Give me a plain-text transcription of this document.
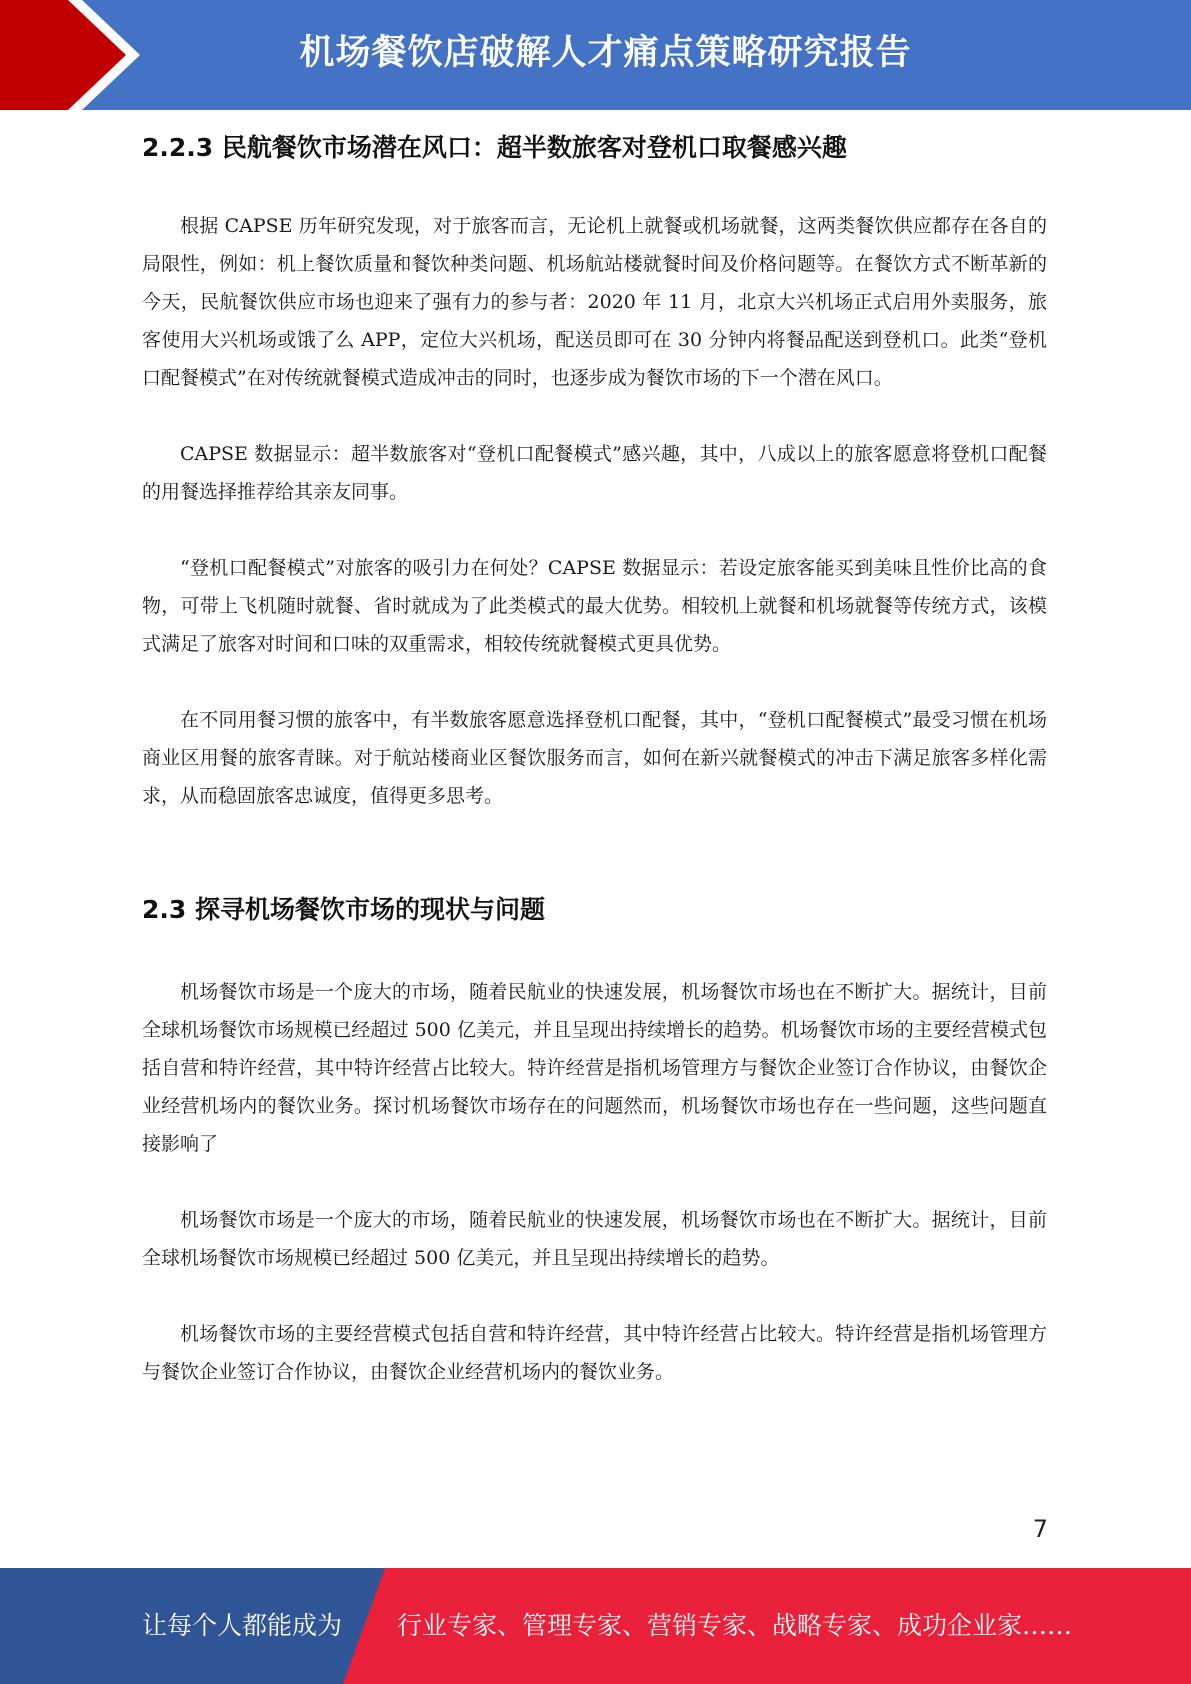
机场餐饮店破解人才痛点策略研究报告
2.2.3 民航餐饮市场潜在风口：超半数旅客对登机口取餐感兴趣

根据 CAPSE 历年研究发现，对于旅客而言，无论机上就餐或机场就餐，这两类餐饮供应都存在各自的局限性，例如：机上餐饮质量和餐饮种类问题、机场航站楼就餐时间及价格问题等。在餐饮方式不断革新的今天，民航餐饮供应市场也迎来了强有力的参与者：2020 年 11 月，北京大兴机场正式启用外卖服务，旅客使用大兴机场或饿了么 APP，定位大兴机场，配送员即可在 30 分钟内将餐品配送到登机口。此类“登机口配餐模式”在对传统就餐模式造成冲击的同时，也逐步成为餐饮市场的下一个潜在风口。

CAPSE 数据显示：超半数旅客对“登机口配餐模式”感兴趣，其中，八成以上的旅客愿意将登机口配餐的用餐选择推荐给其亲友同事。

“登机口配餐模式”对旅客的吸引力在何处？CAPSE 数据显示：若设定旅客能买到美味且性价比高的食物，可带上飞机随时就餐、省时就成为了此类模式的最大优势。相较机上就餐和机场就餐等传统方式，该模式满足了旅客对时间和口味的双重需求，相较传统就餐模式更具优势。

在不同用餐习惯的旅客中，有半数旅客愿意选择登机口配餐，其中，“登机口配餐模式”最受习惯在机场商业区用餐的旅客青睐。对于航站楼商业区餐饮服务而言，如何在新兴就餐模式的冲击下满足旅客多样化需求，从而稳固旅客忠诚度，值得更多思考。

2.3 探寻机场餐饮市场的现状与问题

机场餐饮市场是一个庞大的市场，随着民航业的快速发展，机场餐饮市场也在不断扩大。据统计，目前全球机场餐饮市场规模已经超过 500 亿美元，并且呈现出持续增长的趋势。机场餐饮市场的主要经营模式包括自营和特许经营，其中特许经营占比较大。特许经营是指机场管理方与餐饮企业签订合作协议，由餐饮企业经营机场内的餐饮业务。探讨机场餐饮市场存在的问题然而，机场餐饮市场也存在一些问题，这些问题直接影响了

机场餐饮市场是一个庞大的市场，随着民航业的快速发展，机场餐饮市场也在不断扩大。据统计，目前全球机场餐饮市场规模已经超过 500 亿美元，并且呈现出持续增长的趋势。

机场餐饮市场的主要经营模式包括自营和特许经营，其中特许经营占比较大。特许经营是指机场管理方与餐饮企业签订合作协议，由餐饮企业经营机场内的餐饮业务。

7
让每个人都能成为 行业专家、管理专家、营销专家、战略专家、成功企业家……
